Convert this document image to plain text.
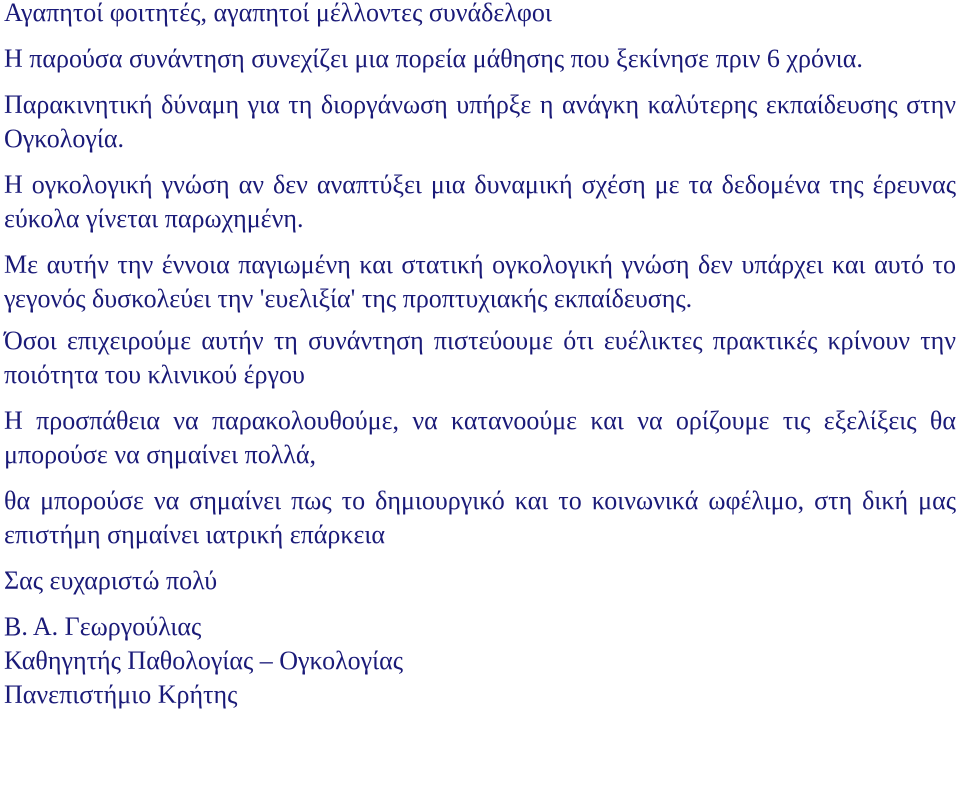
Αγαπητοί φοιτητές, αγαπητοί μέλλοντες συνάδελφοι

Η παρούσα συνάντηση συνεχίζει μια πορεία μάθησης που ξεκίνησε πριν 6 χρόνια.

Παρακινητική δύναμη για τη διοργάνωση υπήρξε η ανάγκη καλύτερης εκπαίδευσης στην Ογκολογία.

Η ογκολογική γνώση αν δεν αναπτύξει μια δυναμική σχέση με τα δεδομένα της έρευνας εύκολα γίνεται παρωχημένη.

Με αυτήν την έννοια παγιωμένη και στατική ογκολογική γνώση δεν υπάρχει και αυτό το γεγονός δυσκολεύει την 'ευελιξία' της προπτυχιακής εκπαίδευσης.

Όσοι επιχειρούμε αυτήν τη συνάντηση πιστεύουμε ότι ευέλικτες πρακτικές κρίνουν την ποιότητα του κλινικού έργου

Η προσπάθεια να παρακολουθούμε, να κατανοούμε και να ορίζουμε τις εξελίξεις θα μπορούσε να σημαίνει πολλά,

θα μπορούσε να σημαίνει πως το δημιουργικό και το κοινωνικά ωφέλιμο, στη δική μας επιστήμη σημαίνει ιατρική επάρκεια

Σας ευχαριστώ πολύ

Β. Α. Γεωργούλιας
Καθηγητής Παθολογίας – Ογκολογίας
Πανεπιστήμιο Κρήτης
